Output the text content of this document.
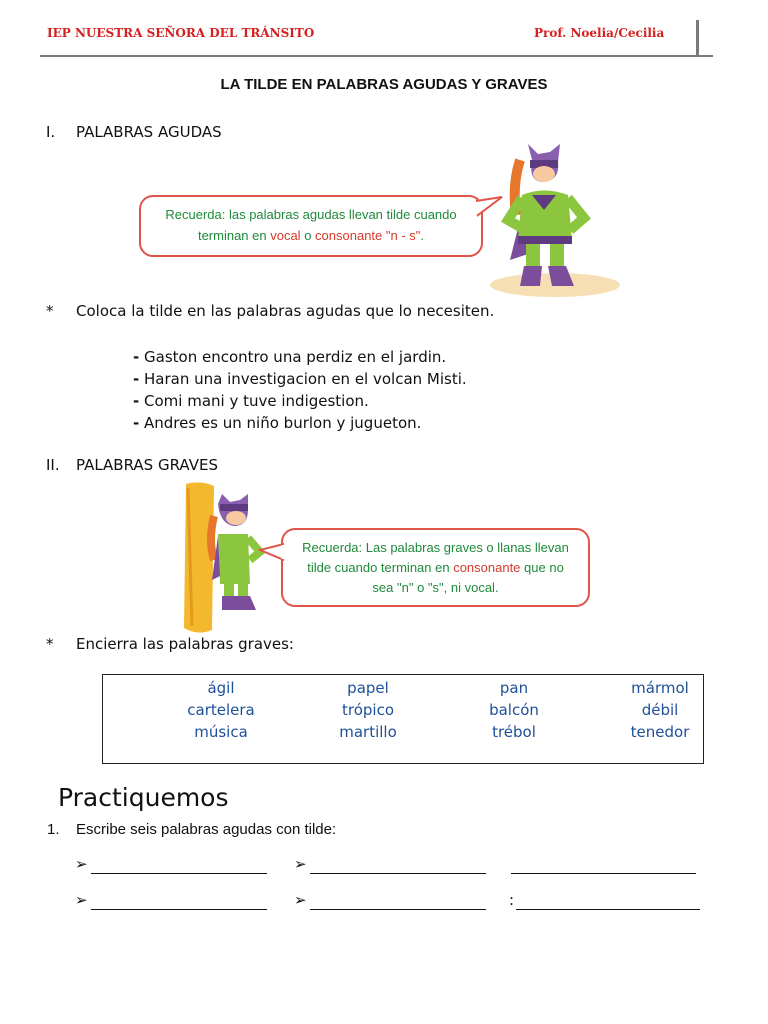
IEP NUESTRA SEÑORA DEL TRÁNSITO	Prof. Noelia/Cecilia
LA TILDE EN PALABRAS AGUDAS Y GRAVES
I. PALABRAS AGUDAS
Recuerda: las palabras agudas llevan tilde cuando
terminan en vocal o consonante "n - s".
* Coloca la tilde en las palabras agudas que lo necesiten.
- Gaston encontro una perdiz en el jardin.
- Haran una investigacion en el volcan Misti.
- Comi mani y tuve indigestion.
- Andres es un niño burlon y jugueton.
II. PALABRAS GRAVES
Recuerda: Las palabras graves o llanas llevan
tilde cuando terminan en consonante que no
sea "n" o "s", ni vocal.
* Encierra las palabras graves:
ágil	papel	pan	mármol
cartelera	trópico	balcón	débil
música	martillo	trébol	tenedor
Practiquemos
1. Escribe seis palabras agudas con tilde:
➢	➢
➢	➢	:
